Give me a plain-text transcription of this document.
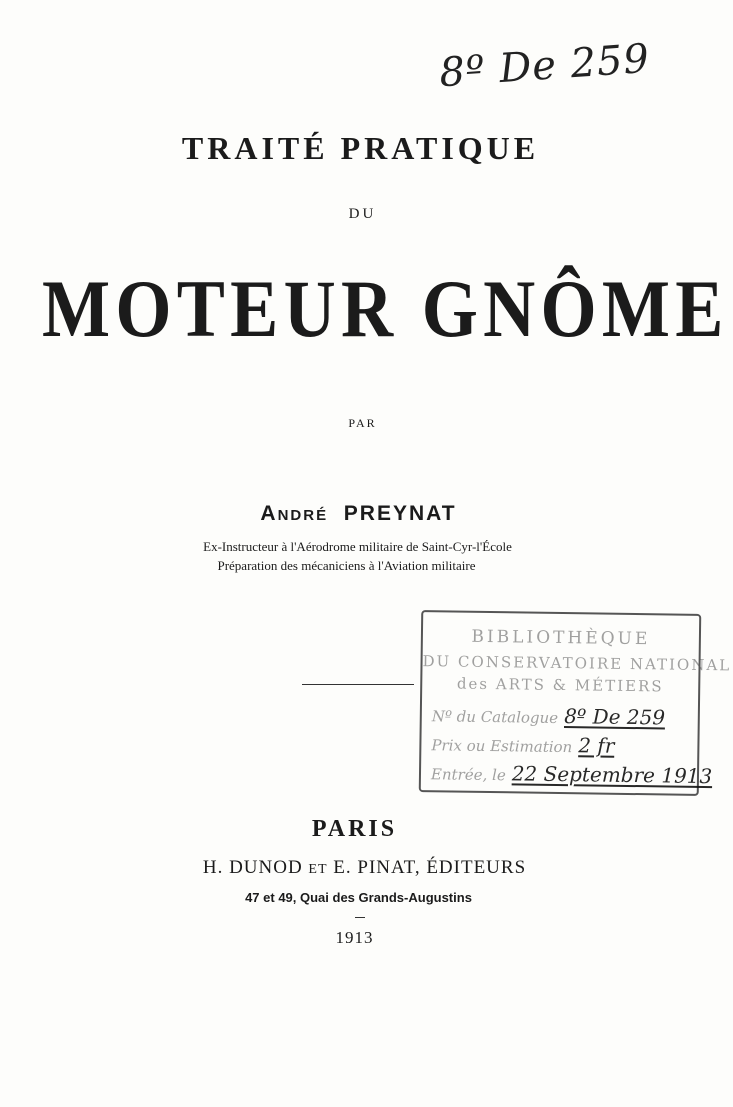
8º De 259
TRAITÉ PRATIQUE
DU
MOTEUR GNÔME
PAR
ANDRÉ PREYNAT
Ex-Instructeur à l'Aérodrome militaire de Saint-Cyr-l'École
Préparation des mécaniciens à l'Aviation militaire
BIBLIOTHÈQUE
DU CONSERVATOIRE NATIONAL
des ARTS & MÉTIERS
Nº du Catalogue 8º De 259
Prix ou Estimation 2 fr
Entrée, le 22 Septembre 1913
PARIS
H. DUNOD ET E. PINAT, ÉDITEURS
47 et 49, Quai des Grands-Augustins
1913
